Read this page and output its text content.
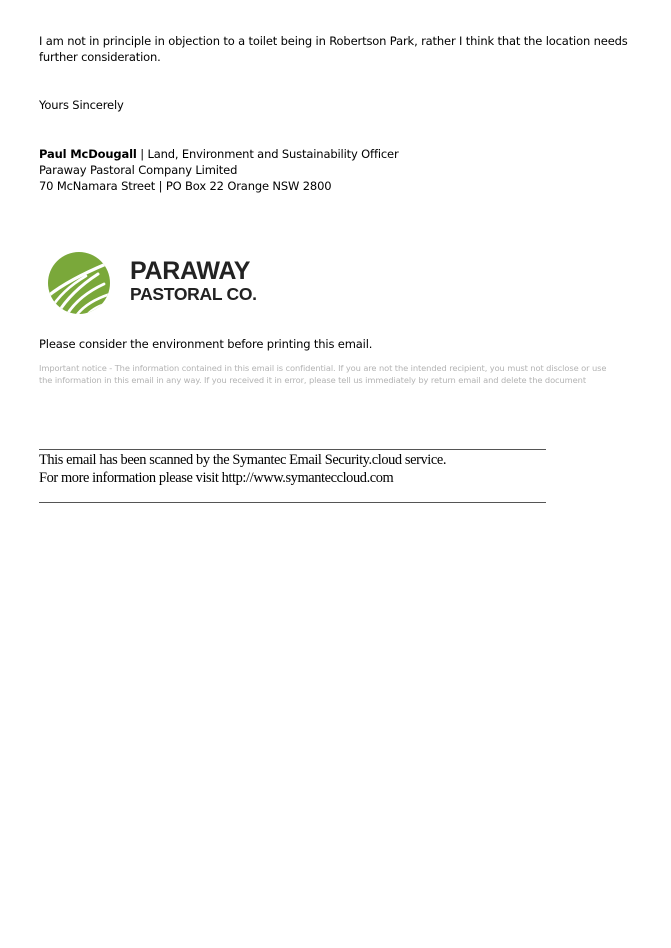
I am not in principle in objection to a toilet being in Robertson Park, rather I think that the location needs further consideration.
Yours Sincerely
Paul McDougall | Land, Environment and Sustainability Officer
Paraway Pastoral Company Limited
70 McNamara Street | PO Box 22 Orange NSW 2800
PARAWAY
PASTORAL CO.
Please consider the environment before printing this email.
Important notice - The information contained in this email is confidential. If you are not the intended recipient, you must not disclose or use the information in this email in any way. If you received it in error, please tell us immediately by return email and delete the document
This email has been scanned by the Symantec Email Security.cloud service.
For more information please visit http://www.symanteccloud.com
